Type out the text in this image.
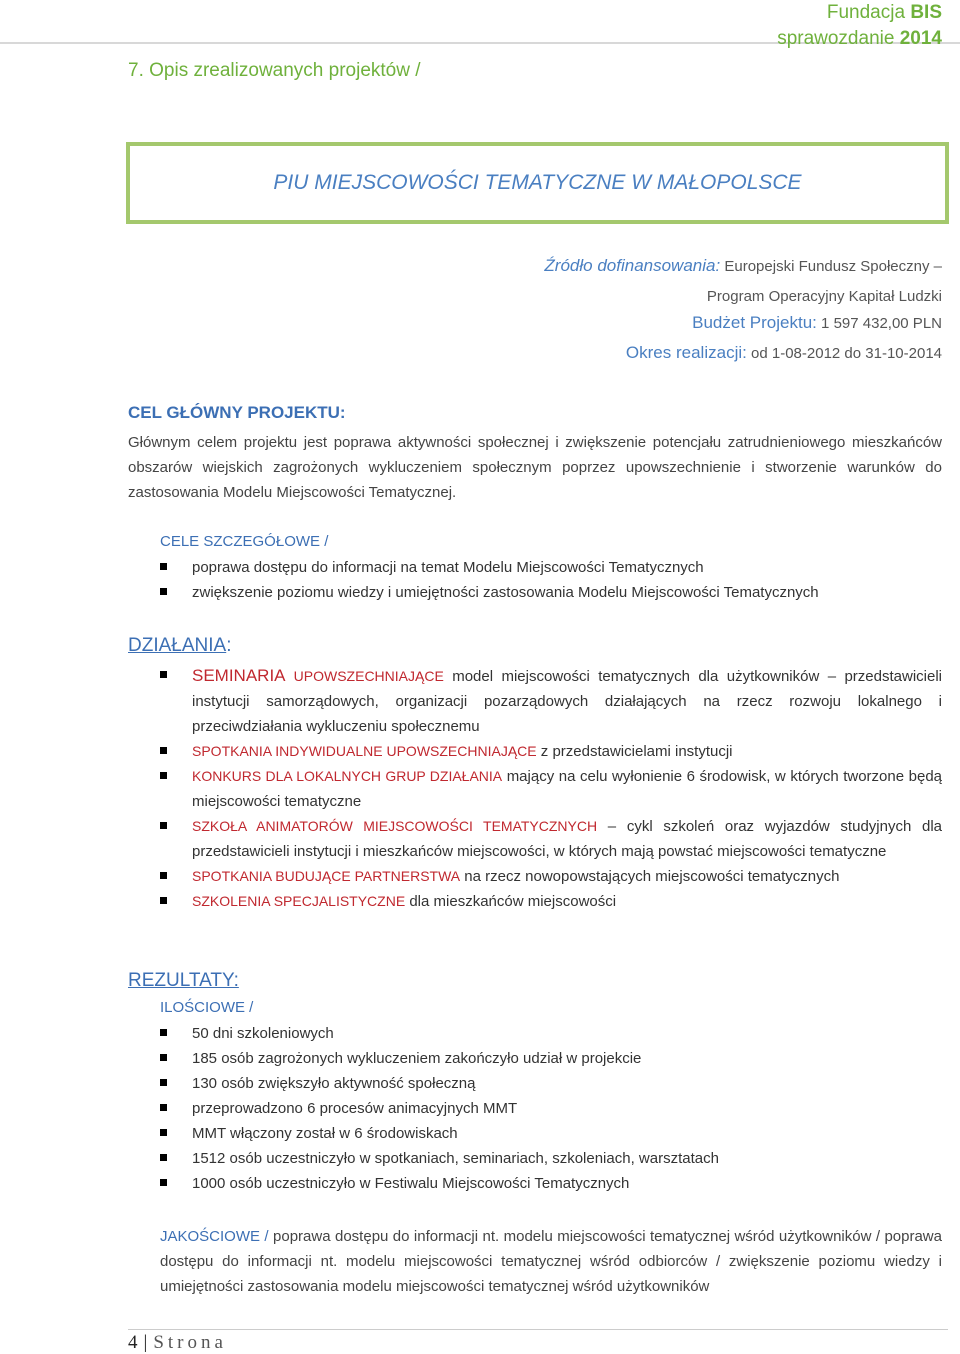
Fundacja BIS
sprawozdanie 2014
7. Opis zrealizowanych projektów /
PIU MIEJSCOWOŚCI TEMATYCZNE W MAŁOPOLSCE
Źródło dofinansowania: Europejski Fundusz Społeczny –
Program Operacyjny Kapitał Ludzki
Budżet Projektu: 1 597 432,00 PLN
Okres realizacji: od 1-08-2012 do 31-10-2014
CEL GŁÓWNY PROJEKTU:
Głównym celem projektu jest poprawa aktywności społecznej i zwiększenie potencjału zatrudnieniowego mieszkańców obszarów wiejskich zagrożonych wykluczeniem społecznym poprzez upowszechnienie i stworzenie warunków do zastosowania Modelu Miejscowości Tematycznej.
CELE SZCZEGÓŁOWE /
poprawa dostępu do informacji na temat Modelu Miejscowości Tematycznych
zwiększenie poziomu wiedzy i umiejętności zastosowania Modelu Miejscowości Tematycznych
DZIAŁANIA:
SEMINARIA UPOWSZECHNIAJĄCE model miejscowości tematycznych dla użytkowników – przedstawicieli instytucji samorządowych, organizacji pozarządowych działających na rzecz rozwoju lokalnego i przeciwdziałania wykluczeniu społecznemu
SPOTKANIA INDYWIDUALNE UPOWSZECHNIAJĄCE z przedstawicielami instytucji
KONKURS DLA LOKALNYCH GRUP DZIAŁANIA mający na celu wyłonienie 6 środowisk, w których tworzone będą miejscowości tematyczne
SZKOŁA ANIMATORÓW MIEJSCOWOŚCI TEMATYCZNYCH – cykl szkoleń oraz wyjazdów studyjnych dla przedstawicieli instytucji i mieszkańców miejscowości, w których mają powstać miejscowości tematyczne
SPOTKANIA BUDUJĄCE PARTNERSTWA na rzecz nowopowstających miejscowości tematycznych
SZKOLENIA SPECJALISTYCZNE dla mieszkańców miejscowości
REZULTATY:
ILOŚCIOWE /
50 dni szkoleniowych
185 osób zagrożonych wykluczeniem zakończyło udział w projekcie
130 osób zwiększyło aktywność społeczną
przeprowadzono 6 procesów animacyjnych MMT
MMT włączony został w 6 środowiskach
1512 osób uczestniczyło w spotkaniach, seminariach, szkoleniach, warsztatach
1000 osób uczestniczyło w Festiwalu Miejscowości Tematycznych
JAKOŚCIOWE / poprawa dostępu do informacji nt. modelu miejscowości tematycznej wśród użytkowników / poprawa dostępu do informacji nt. modelu miejscowości tematycznej wśród odbiorców / zwiększenie poziomu wiedzy i umiejętności zastosowania modelu miejscowości tematycznej wśród użytkowników
4 | Strona
